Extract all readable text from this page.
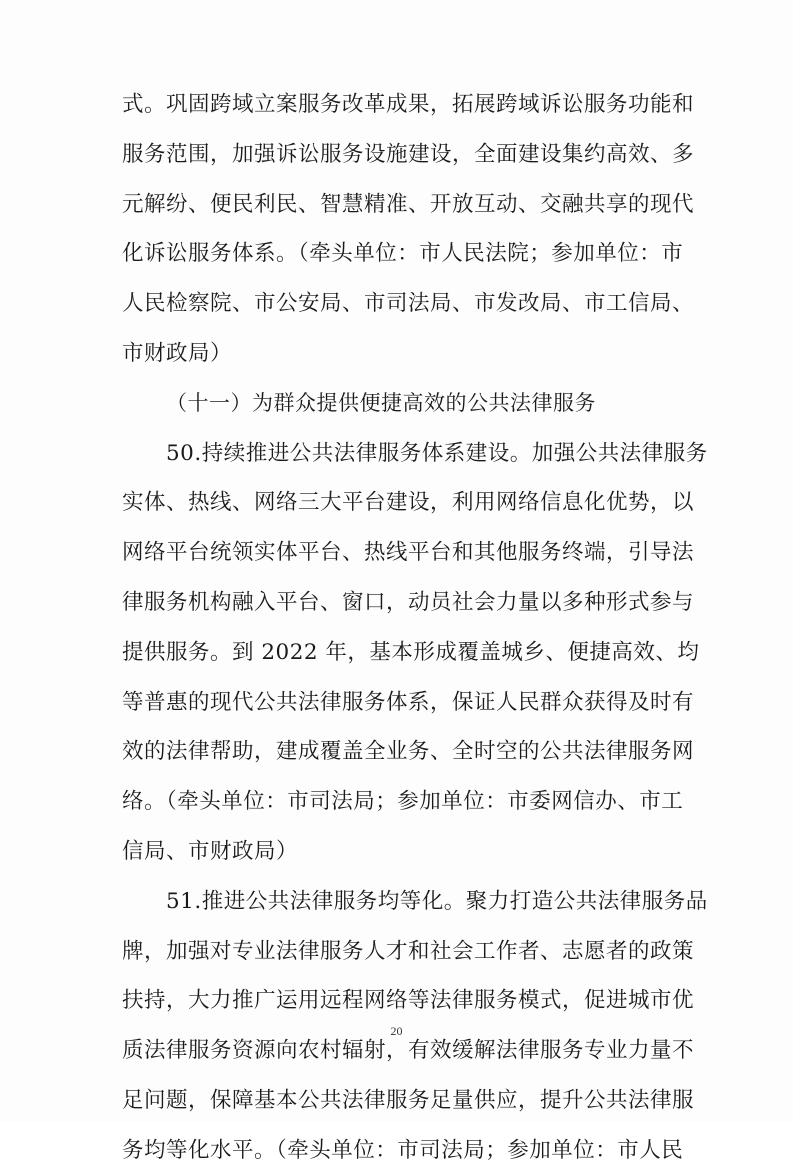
式。巩固跨域立案服务改革成果，拓展跨域诉讼服务功能和
服务范围，加强诉讼服务设施建设，全面建设集约高效、多
元解纷、便民利民、智慧精准、开放互动、交融共享的现代
化诉讼服务体系。（牵头单位：市人民法院；参加单位：市
人民检察院、市公安局、市司法局、市发改局、市工信局、
市财政局）
（十一）为群众提供便捷高效的公共法律服务
50.持续推进公共法律服务体系建设。加强公共法律服务
实体、热线、网络三大平台建设，利用网络信息化优势，以
网络平台统领实体平台、热线平台和其他服务终端，引导法
律服务机构融入平台、窗口，动员社会力量以多种形式参与
提供服务。到 2022 年，基本形成覆盖城乡、便捷高效、均
等普惠的现代公共法律服务体系，保证人民群众获得及时有
效的法律帮助，建成覆盖全业务、全时空的公共法律服务网
络。（牵头单位：市司法局；参加单位：市委网信办、市工
信局、市财政局）
51.推进公共法律服务均等化。聚力打造公共法律服务品
牌，加强对专业法律服务人才和社会工作者、志愿者的政策
扶持，大力推广运用远程网络等法律服务模式，促进城市优
质法律服务资源向农村辐射，有效缓解法律服务专业力量不
足问题，保障基本公共法律服务足量供应，提升公共法律服
务均等化水平。（牵头单位：市司法局；参加单位：市人民
20
